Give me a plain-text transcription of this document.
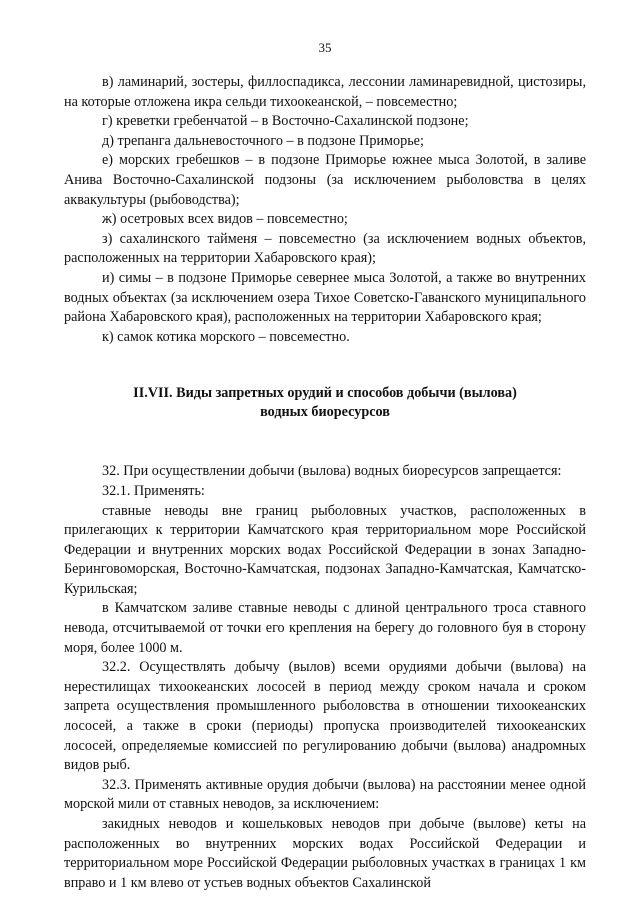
35

в) ламинарий, зостеры, филлоспадикса, лессонии ламинаревидной, цистозиры, на которые отложена икра сельди тихоокеанской, – повсеместно;

г) креветки гребенчатой – в Восточно-Сахалинской подзоне;

д) трепанга дальневосточного – в подзоне Приморье;

е) морских гребешков – в подзоне Приморье южнее мыса Золотой, в заливе Анива Восточно-Сахалинской подзоны (за исключением рыболовства в целях аквакультуры (рыбоводства);

ж) осетровых всех видов – повсеместно;

з) сахалинского тайменя – повсеместно (за исключением водных объектов, расположенных на территории Хабаровского края);

и) симы – в подзоне Приморье севернее мыса Золотой, а также во внутренних водных объектах (за исключением озера Тихое Советско-Гаванского муниципального района Хабаровского края), расположенных на территории Хабаровского края;

к) самок котика морского – повсеместно.

II.VII. Виды запретных орудий и способов добычи (вылова)
водных биоресурсов

32. При осуществлении добычи (вылова) водных биоресурсов запрещается:

32.1. Применять:

ставные неводы вне границ рыболовных участков, расположенных в прилегающих к территории Камчатского края территориальном море Российской Федерации и внутренних морских водах Российской Федерации в зонах Западно-Беринговоморская, Восточно-Камчатская, подзонах Западно-Камчатская, Камчатско-Курильская;

в Камчатском заливе ставные неводы с длиной центрального троса ставного невода, отсчитываемой от точки его крепления на берегу до головного буя в сторону моря, более 1000 м.

32.2. Осуществлять добычу (вылов) всеми орудиями добычи (вылова) на нерестилищах тихоокеанских лососей в период между сроком начала и сроком запрета осуществления промышленного рыболовства в отношении тихоокеанских лососей, а также в сроки (периоды) пропуска производителей тихоокеанских лососей, определяемые комиссией по регулированию добычи (вылова) анадромных видов рыб.

32.3. Применять активные орудия добычи (вылова) на расстоянии менее одной морской мили от ставных неводов, за исключением:

закидных неводов и кошельковых неводов при добыче (вылове) кеты на расположенных во внутренних морских водах Российской Федерации и территориальном море Российской Федерации рыболовных участках в границах 1 км вправо и 1 км влево от устьев водных объектов Сахалинской
